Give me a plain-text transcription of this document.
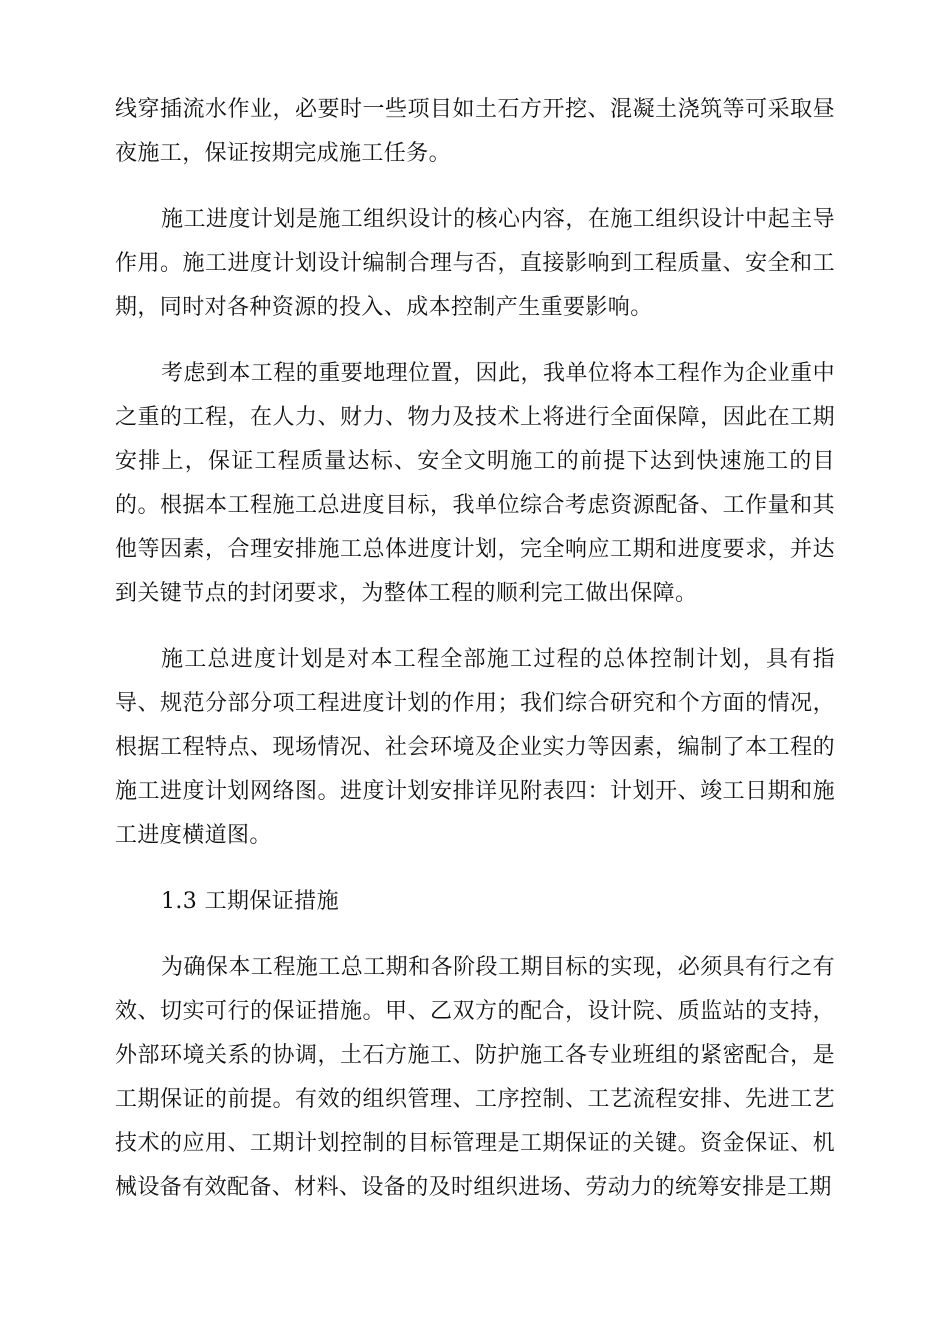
线穿插流水作业，必要时一些项目如土石方开挖、混凝土浇筑等可采取昼夜施工，保证按期完成施工任务。

施工进度计划是施工组织设计的核心内容，在施工组织设计中起主导作用。施工进度计划设计编制合理与否，直接影响到工程质量、安全和工期，同时对各种资源的投入、成本控制产生重要影响。

考虑到本工程的重要地理位置，因此，我单位将本工程作为企业重中之重的工程，在人力、财力、物力及技术上将进行全面保障，因此在工期安排上，保证工程质量达标、安全文明施工的前提下达到快速施工的目的。根据本工程施工总进度目标，我单位综合考虑资源配备、工作量和其他等因素，合理安排施工总体进度计划，完全响应工期和进度要求，并达到关键节点的封闭要求，为整体工程的顺利完工做出保障。

施工总进度计划是对本工程全部施工过程的总体控制计划，具有指导、规范分部分项工程进度计划的作用；我们综合研究和个方面的情况，根据工程特点、现场情况、社会环境及企业实力等因素，编制了本工程的施工进度计划网络图。进度计划安排详见附表四：计划开、竣工日期和施工进度横道图。

1.3 工期保证措施

为确保本工程施工总工期和各阶段工期目标的实现，必须具有行之有效、切实可行的保证措施。甲、乙双方的配合，设计院、质监站的支持，外部环境关系的协调，土石方施工、防护施工各专业班组的紧密配合，是工期保证的前提。有效的组织管理、工序控制、工艺流程安排、先进工艺技术的应用、工期计划控制的目标管理是工期保证的关键。资金保证、机械设备有效配备、材料、设备的及时组织进场、劳动力的统筹安排是工期
